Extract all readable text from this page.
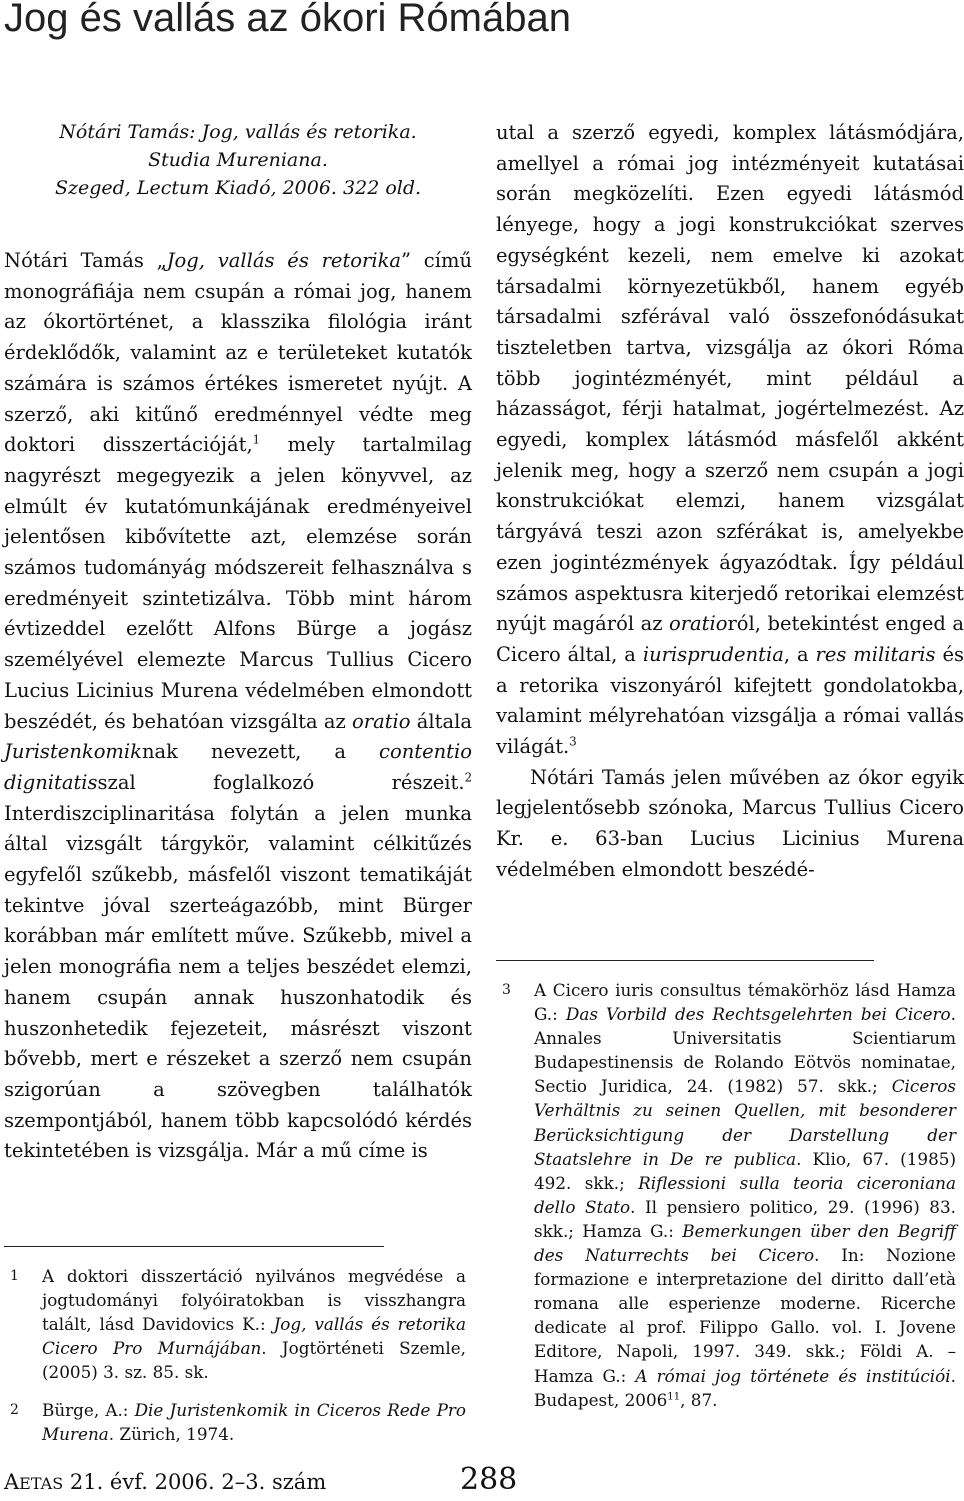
Jog és vallás az ókori Rómában
Nótári Tamás: Jog, vallás és retorika.
Studia Mureniana.
Szeged, Lectum Kiadó, 2006. 322 old.

Nótári Tamás „Jog, vallás és retorika” című monográfiája nem csupán a római jog, hanem az ókortörténet, a klasszika filológia iránt érdeklődők, valamint az e területeket kutatók számára is számos értékes ismeretet nyújt. A szerző, aki kitűnő eredménnyel védte meg doktori disszertációját,$^1$ mely tartalmilag nagyrészt megegyezik a jelen könyvvel, az elmúlt év kutatómunkájának eredményeivel jelentősen kibővítette azt, elemzése során számos tudományág módszereit felhasználva s eredményeit szintetizálva. Több mint három évtizeddel ezelőtt Alfons Bürge a jogász személyével elemezte Marcus Tullius Cicero Lucius Licinius Murena védelmében elmondott beszédét, és behatóan vizsgálta az oratio általa Juristenkomiknak nevezett, a contentio dignitatisszal foglalkozó részeit.$^2$ Interdiszciplinaritása folytán a jelen munka által vizsgált tárgykör, valamint célkitűzés egyfelől szűkebb, másfelől viszont tematikáját tekintve jóval szerteágazóbb, mint Bürger korábban már említett műve. Szűkebb, mivel a jelen monográfia nem a teljes beszédet elemzi, hanem csupán annak huszonhatodik és huszonhetedik fejezeteit, másrészt viszont bővebb, mert e részeket a szerző nem csupán szigorúan a szövegben találhatók szempontjából, hanem több kapcsolódó kérdés tekintetében is vizsgálja. Már a mű címe is

utal a szerző egyedi, komplex látásmódjára, amellyel a római jog intézményeit kutatásai során megközelíti. Ezen egyedi látásmód lényege, hogy a jogi konstrukciókat szerves egységként kezeli, nem emelve ki azokat társadalmi környezetükből, hanem egyéb társadalmi szférával való összefonódásukat tiszteletben tartva, vizsgálja az ókori Róma több jogintézményét, mint például a házasságot, férji hatalmat, jogértelmezést. Az egyedi, komplex látásmód másfelől akként jelenik meg, hogy a szerző nem csupán a jogi konstrukciókat elemzi, hanem vizsgálat tárgyává teszi azon szférákat is, amelyekbe ezen jogintézmények ágyazódtak. Így például számos aspektusra kiterjedő retorikai elemzést nyújt magáról az oratioról, betekintést enged a Cicero által, a iurisprudentia, a res militaris és a retorika viszonyáról kifejtett gondolatokba, valamint mélyrehatóan vizsgálja a római vallás világát.$^3$

Nótári Tamás jelen művében az ókor egyik legjelentősebb szónoka, Marcus Tullius Cicero Kr. e. 63-ban Lucius Licinius Murena védelmében elmondott beszédé-

1 A doktori disszertáció nyilvános megvédése a jogtudományi folyóiratokban is visszhangra talált, lásd Davidovics K.: Jog, vallás és retorika Cicero Pro Murnájában. Jogtörténeti Szemle, (2005) 3. sz. 85. sk.

2 Bürge, A.: Die Juristenkomik in Ciceros Rede Pro Murena. Zürich, 1974.

3 A Cicero iuris consultus témakörhöz lásd Hamza G.: Das Vorbild des Rechtsgelehrten bei Cicero. Annales Universitatis Scientiarum Budapestinensis de Rolando Eötvös nominatae, Sectio Juridica, 24. (1982) 57. skk.; Ciceros Verhältnis zu seinen Quellen, mit besonderer Berücksichtigung der Darstellung der Staatslehre in De re publica. Klio, 67. (1985) 492. skk.; Riflessioni sulla teoria ciceroniana dello Stato. Il pensiero politico, 29. (1996) 83. skk.; Hamza G.: Bemerkungen über den Begriff des Naturrechts bei Cicero. In: Nozione formazione e interpretazione del diritto dall’età romana alle esperienze moderne. Ricerche dedicate al prof. Filippo Gallo. vol. I. Jovene Editore, Napoli, 1997. 349. skk.; Földi A. – Hamza G.: A római jog története és institúciói. Budapest, 2006$^{11}$, 87.

AETAS 21. évf. 2006. 2–3. szám	288
